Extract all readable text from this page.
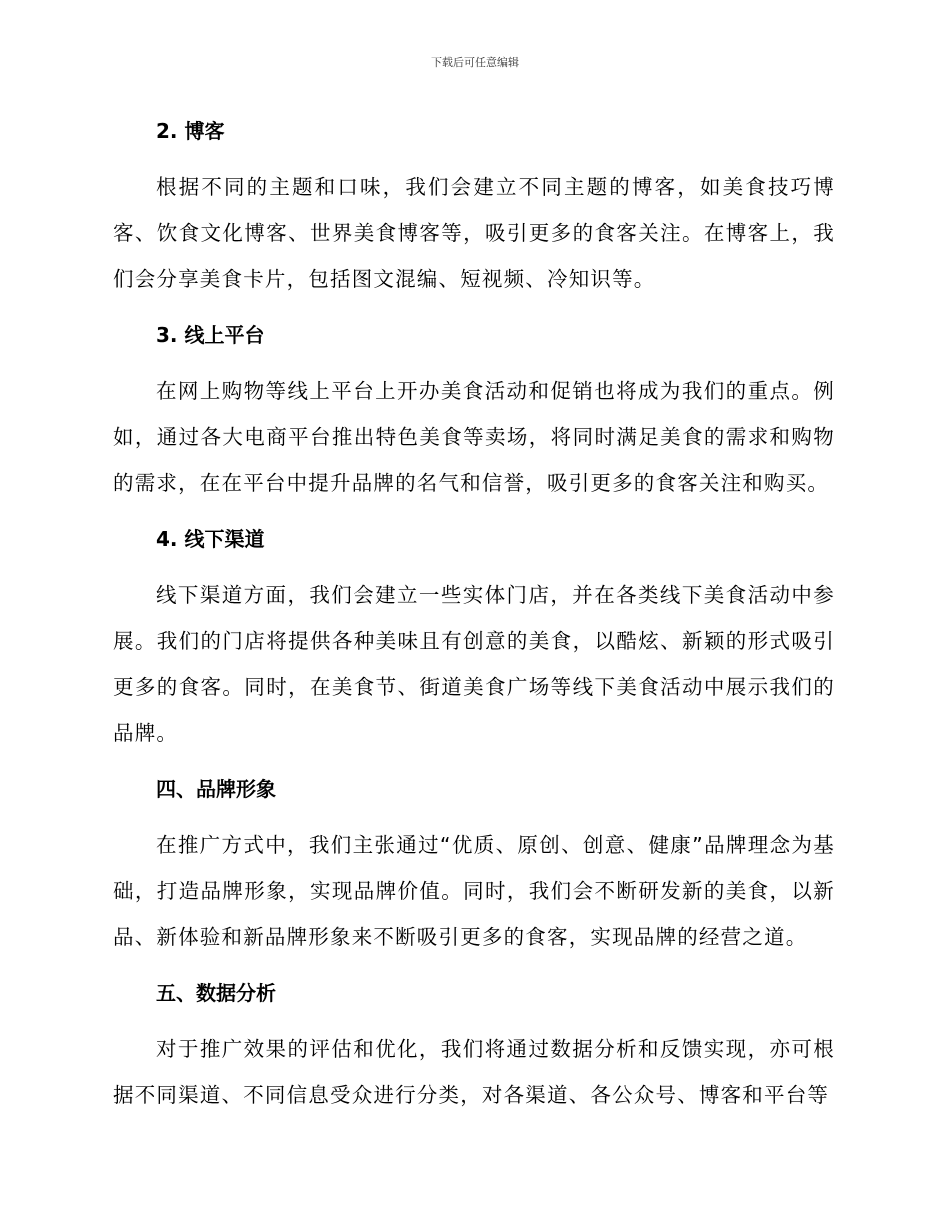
下载后可任意编辑

2. 博客

根据不同的主题和口味，我们会建立不同主题的博客，如美食技巧博客、饮食文化博客、世界美食博客等，吸引更多的食客关注。在博客上，我们会分享美食卡片，包括图文混编、短视频、冷知识等。

3. 线上平台

在网上购物等线上平台上开办美食活动和促销也将成为我们的重点。例如，通过各大电商平台推出特色美食等卖场，将同时满足美食的需求和购物的需求，在在平台中提升品牌的名气和信誉，吸引更多的食客关注和购买。

4. 线下渠道

线下渠道方面，我们会建立一些实体门店，并在各类线下美食活动中参展。我们的门店将提供各种美味且有创意的美食，以酷炫、新颖的形式吸引更多的食客。同时，在美食节、街道美食广场等线下美食活动中展示我们的品牌。

四、品牌形象

在推广方式中，我们主张通过“优质、原创、创意、健康”品牌理念为基础，打造品牌形象，实现品牌价值。同时，我们会不断研发新的美食，以新品、新体验和新品牌形象来不断吸引更多的食客，实现品牌的经营之道。

五、数据分析

对于推广效果的评估和优化，我们将通过数据分析和反馈实现，亦可根据不同渠道、不同信息受众进行分类，对各渠道、各公众号、博客和平台等
